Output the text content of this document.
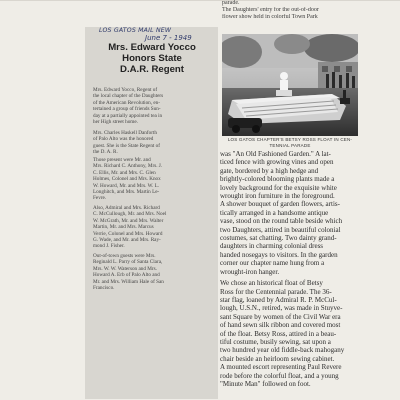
parade.
The Daughters' entry for the out-of-door
flower show held in colorful Town Park
LOS GATOS MAIL NEW
June 7 - 1949
Mrs. Edward Yocco
Honors State
D.A.R. Regent
Mrs. Edward Yocco, Regent of
the local chapter of the Daughters
of the American Revolution, en-
tertained a group of friends Sun-
day at a partially appointed tea in
her High street home.
Mrs. Charles Haskell Danforth
of Palo Alto was the honored
guest. She is the State Regent of
the D. A. R.
Those present were Mr. and
Mrs. Richard C. Anthony, Mrs. J.
C. Ellis, Mr. and Mrs. C. Glen
Holmes, Colonel and Mrs. Knox
W. Howard, Mr. and Mrs. W. L.
Longhitch, and Mrs. Martin Le-
Fevre.
Also, Admiral and Mrs. Richard
C. McCullough, Mr. and Mrs. Noel
W. McGrath, Mr. and Mrs. Walter
Martin, Mr. and Mrs. Marcus
Verrie, Colonel and Mrs. Howard
G. Wade, and Mr. and Mrs. Ray-
mond J. Fisher.
Out-of-town guests were Mrs.
Reginald L. Parry of Santa Clara,
Mrs. W. W. Waterson and Mrs.
Howard A. Erb of Palo Alto and
Mr. and Mrs. William Hale of San
Francisco.
LOS GATOS CHAPTER'S BETSY ROSS FLOAT IN CEN-
TENNIAL PARADE
was "An Old Fashioned Garden." A lat-
ticed fence with growing vines and open
gate, bordered by a high hedge and
brightly-colored blooming plants made a
lovely background for the exquisite white
wrought iron furniture in the foreground.
A shower bouquet of garden flowers, artis-
tically arranged in a handsome antique
vase, stood on the round table beside which
two Daughters, attired in beautiful colonial
costumes, sat chatting. Two dainty grand-
daughters in charming colonial dress
handed nosegays to visitors. In the garden
corner our chapter name hung from a
wrought-iron hanger.
We chose an historical float of Betsy
Ross for the Centennial parade. The 36-
star flag, loaned by Admiral R. P. McCul-
lough, U.S.N., retired, was made in Stuyve-
sant Square by women of the Civil War era
of hand sewn silk ribbon and covered most
of the float. Betsy Ross, attired in a beau-
tiful costume, busily sewing, sat upon a
two hundred year old fiddle-back mahogany
chair beside an heirloom sewing cabinet.
A mounted escort representing Paul Revere
rode before the colorful float, and a young
"Minute Man" followed on foot.
